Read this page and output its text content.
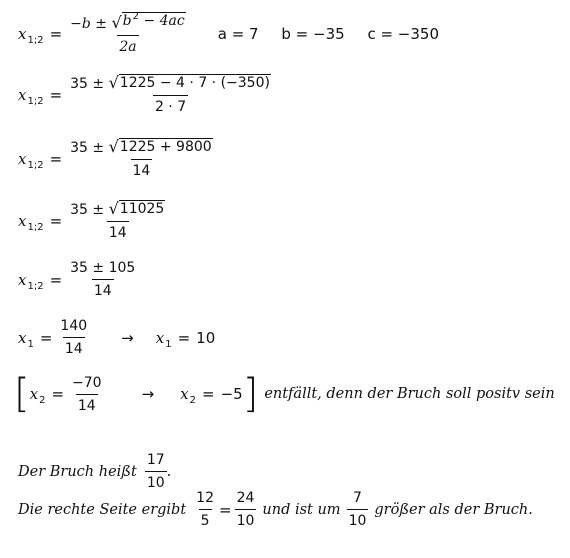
$x_{1;2} = \frac{-b \pm √ b^2 - 4ac}{2a}$ a = 7 b = −35 c = −350
$x_{1;2} = \frac{35 \pm √ 1225 - 4 \cdot 7 \cdot (-350)}{2 \cdot 7}$
$x_{1;2} = \frac{35 \pm √ 1225 + 9800}{14}$
$x_{1;2} = \frac{35 \pm √ 11025}{14}$
$x_{1;2} = \frac{35 \pm 105}{14}$
$x_1 = \frac{140}{14} \to x_1 = 10$
[ $x_2 = \frac{-70}{14}$	→ $x_2 = -5$ ] entfällt, denn der Bruch soll positv sein
Der Bruch heißt $\frac{17}{10}$ .
Die rechte Seite ergibt $\frac{12}{5} = \frac{24}{10}$ und ist um $\frac{7}{10}$ größer als der Bruch.
